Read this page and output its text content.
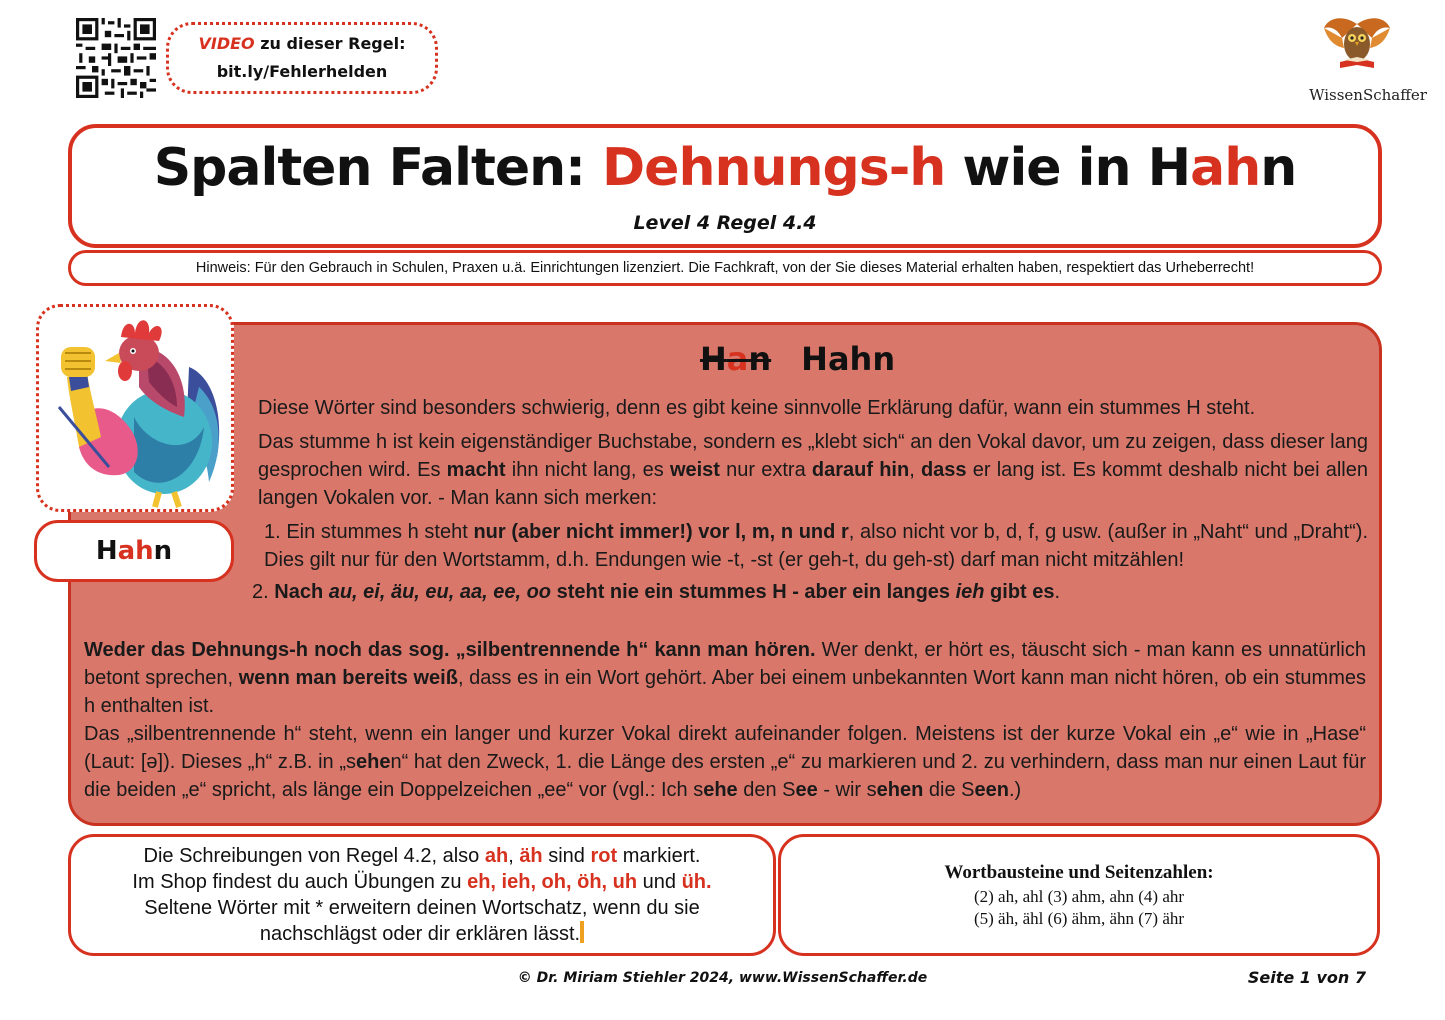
VIDEO zu dieser Regel:
bit.ly/Fehlerhelden
WissenSchaffer
Spalten Falten: Dehnungs-h wie in Hahn
Level 4 Regel 4.4
Hinweis: Für den Gebrauch in Schulen, Praxen u.ä. Einrichtungen lizenziert. Die Fachkraft, von der Sie dieses Material erhalten haben, respektiert das Urheberrecht!
H ah n
Han Hahn
Diese Wörter sind besonders schwierig, denn es gibt keine sinnvolle Erklärung dafür, wann ein stummes H steht.
Das stumme h ist kein eigenständiger Buchstabe, sondern es „klebt sich“ an den Vokal davor, um zu zeigen, dass dieser lang gesprochen wird. Es macht ihn nicht lang, es weist nur extra darauf hin, dass er lang ist. Es kommt deshalb nicht bei allen langen Vokalen vor. - Man kann sich merken:
1. Ein stummes h steht nur (aber nicht immer!) vor l, m, n und r, also nicht vor b, d, f, g usw. (außer in „Naht“ und „Draht“). Dies gilt nur für den Wortstamm, d.h. Endungen wie -t, -st (er geh-t, du geh-st) darf man nicht mitzählen!
2. Nach au, ei, äu, eu, aa, ee, oo steht nie ein stummes H - aber ein langes ieh gibt es.
Weder das Dehnungs-h noch das sog. „silbentrennende h“ kann man hören. Wer denkt, er hört es, täuscht sich - man kann es unnatürlich betont sprechen, wenn man bereits weiß, dass es in ein Wort gehört. Aber bei einem unbekannten Wort kann man nicht hören, ob ein stummes h enthalten ist.
Das „silbentrennende h“ steht, wenn ein langer und kurzer Vokal direkt aufeinander folgen. Meistens ist der kurze Vokal ein „e“ wie in „Hase“ (Laut: [ə]). Dieses „h“ z.B. in „sehen“ hat den Zweck, 1. die Länge des ersten „e“ zu markieren und 2. zu verhindern, dass man nur einen Laut für die beiden „e“ spricht, als länge ein Doppelzeichen „ee“ vor (vgl.: Ich sehe den See - wir sehen die Seen.)
Die Schreibungen von Regel 4.2, also ah, äh sind rot markiert.
Im Shop findest du auch Übungen zu eh, ieh, oh, öh, uh und üh.
Seltene Wörter mit * erweitern deinen Wortschatz, wenn du sie
nachschlägst oder dir erklären lässt.
Wortbausteine und Seitenzahlen:
(2) ah, ahl (3) ahm, ahn (4) ahr
(5) äh, ähl (6) ähm, ähn (7) ähr
© Dr. Miriam Stiehler 2024, www.WissenSchaffer.de	Seite 1 von 7
